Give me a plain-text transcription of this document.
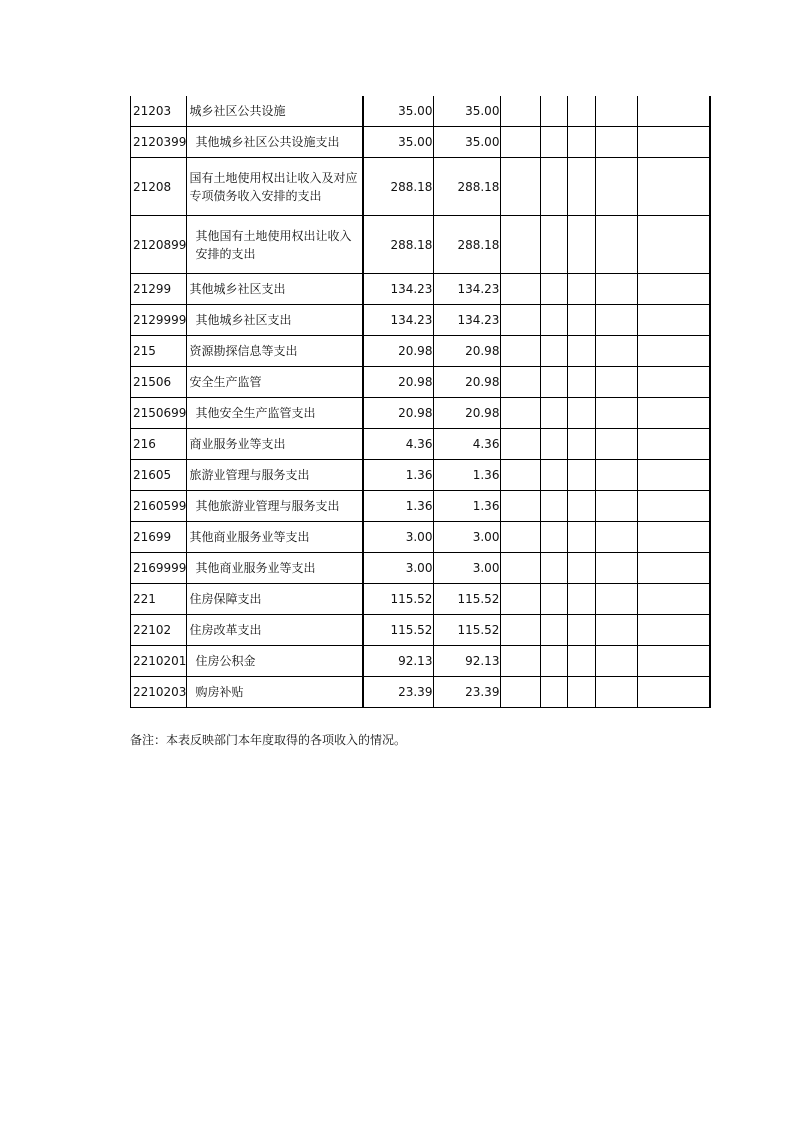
21203	城乡社区公共设施	35.00	35.00					
2120399	其他城乡社区公共设施支出	35.00	35.00					
21208	国有土地使用权出让收入及对应专项债务收入安排的支出	288.18	288.18					
2120899	其他国有土地使用权出让收入安排的支出	288.18	288.18					
21299	其他城乡社区支出	134.23	134.23					
2129999	其他城乡社区支出	134.23	134.23					
215	资源勘探信息等支出	20.98	20.98					
21506	安全生产监管	20.98	20.98					
2150699	其他安全生产监管支出	20.98	20.98					
216	商业服务业等支出	4.36	4.36					
21605	旅游业管理与服务支出	1.36	1.36					
2160599	其他旅游业管理与服务支出	1.36	1.36					
21699	其他商业服务业等支出	3.00	3.00					
2169999	其他商业服务业等支出	3.00	3.00					
221	住房保障支出	115.52	115.52					
22102	住房改革支出	115.52	115.52					
2210201	住房公积金	92.13	92.13					
2210203	购房补贴	23.39	23.39					
备注：本表反映部门本年度取得的各项收入的情况。
